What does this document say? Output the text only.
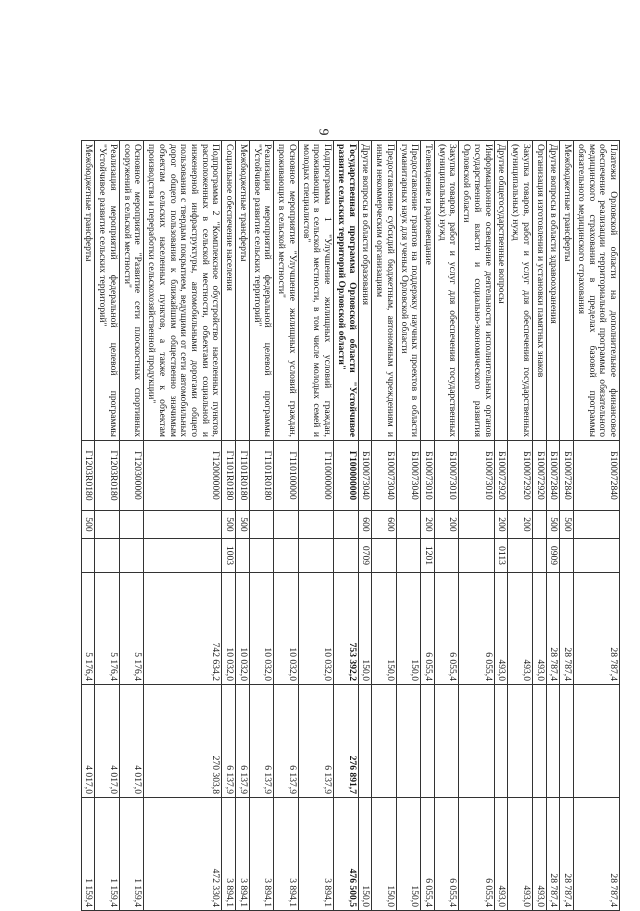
9
Платежи Орловской области на дополнительное финансовое обеспечение реализации территориальной программы обязательного медицинского страхования в пределах базовой программы обязательного медицинского страхования	Б100072840			28 787,4		28 787,4
Межбюджетные трансферты	Б100072840	500		28 787,4		28 787,4
Другие вопросы в области здравоохранения	Б100072840	500	0909	28 787,4		28 787,4
Организация изготовления и установки памятных знаков	Б100072920			493,0		493,0
Закупка товаров, работ и услуг для обеспечения государственных (муниципальных) нужд	Б100072920	200		493,0		493,0
Другие общегосударственные вопросы	Б100072920	200	0113	493,0		493,0
Информационное освещение деятельности исполнительных органов государственной власти и социально-экономического развития Орловской области	Б100073010			6 055,4		6 055,4
Закупка товаров, работ и услуг для обеспечения государственных (муниципальных) нужд	Б100073010	200		6 055,4		6 055,4
Телевидение и радиовещание	Б100073010	200	1201	6 055,4		6 055,4
Предоставление грантов на поддержку научных проектов в области гуманитарных наук для ученых Орловской области	Б100073040			150,0		150,0
Предоставление субсидий бюджетным, автономным учреждениям и иным некоммерческим организациям	Б100073040	600		150,0		150,0
Другие вопросы в области образования	Б100073040	600	0709	150,0		150,0
Государственная программа Орловской области "Устойчивое развитие сельских территорий Орловской области"	Г100000000			753 392,2	276 891,7	476 500,5
Подпрограмма 1 "Улучшение жилищных условий граждан, проживающих в сельской местности, в том числе молодых семей и молодых специалистов"	Г110000000			10 032,0	6 137,9	3 894,1
Основное мероприятие "Улучшение жилищных условий граждан, проживающих в сельской местности"	Г110100000			10 032,0	6 137,9	3 894,1
Реализация мероприятий федеральной целевой программы "Устойчивое развитие сельских территорий"	Г1101R0180			10 032,0	6 137,9	3 894,1
Межбюджетные трансферты	Г1101R0180	500		10 032,0	6 137,9	3 894,1
Социальное обеспечение населения	Г1101R0180	500	1003	10 032,0	6 137,9	3 894,1
Подпрограмма 2 "Комплексное обустройство населенных пунктов, расположенных в сельской местности, объектами социальной и инженерной инфраструктуры, автомобильными дорогами общего пользования с твердым покрытием, ведущими от сети автомобильных дорог общего пользования к ближайшим общественно значимым объектам сельских населенных пунктов, а также к объектам производства и переработки сельскохозяйственной продукции"	Г120000000			742 634,2	270 303,8	472 330,4
Основное мероприятие "Развитие сети плоскостных спортивных сооружений в сельской местности"	Г120300000			5 176,4	4 017,0	1 159,4
Реализация мероприятий федеральной целевой программы "Устойчивое развитие сельских территорий"	Г1203R0180			5 176,4	4 017,0	1 159,4
Межбюджетные трансферты	Г1203R0180	500		5 176,4	4 017,0	1 159,4
